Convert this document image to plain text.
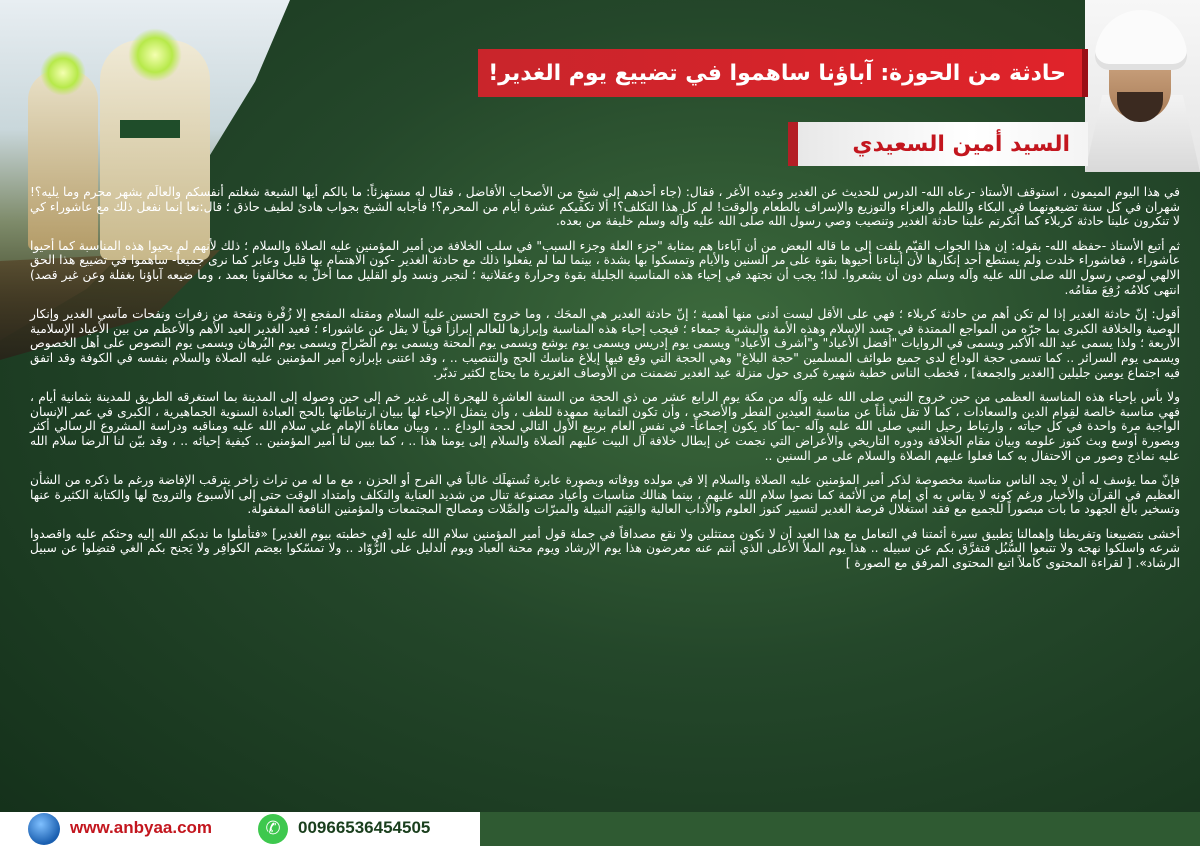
حادثة من الحوزة: آباؤنا ساهموا في تضييع يوم الغدير!
السيد أمين السعيدي

في هذا اليوم الميمون ، استوقف الأستاذ -رعاه الله- الدرس للحديث عن الغدير وعيده الأغر ، فقال: (جاء أحدهم إلى شيخٍ من الأصحاب الأفاضل ، فقال له مستهزئاً: ما بالكم أيها الشيعة شغلتم أنفسكم والعالَم بشهر محرم وما يليه؟! شهران في كل سنة تضيعونهما في البكاء واللطم والعزاء والتوزيع والإسراف بالطعام والوقت! لم كل هذا التكلف؟! ألا تكفيكم عشرة أيام من المحرم؟! فأجابه الشيخ بجواب هادئ لطيف حاذق ؛ قال:نعا إنما نفعل ذلك مع عاشوراء كي لا تنكرون علينا حادثة كربلاء كما أنكرتم علينا حادثة الغدير وتنصيب وصي رسول الله صلى الله عليه وآله وسلم خليفة من بعده.

ثم أتبع الأستاذ -حفظه الله- بقوله: إن هذا الجواب القيّم يلفت إلى ما قاله البعض من أن آباءنا هم بمثابة "جزء العلة وجزء السبب" في سلب الخلافة من أمير المؤمنين عليه الصلاة والسلام ؛ ذلك لأنهم لم يحيوا هذه المناسبة كما أحيوا عاشوراء ، فعاشوراء خلدت ولم يستطع أحد إنكارها لأن أبناءنا أحيوها بقوة على مر السنين والأيام وتمسكوا بها بشدة ، بينما لما لم يفعلوا ذلك مع حادثة الغدير -كون الاهتمام بها قليل وعابر كما نرى جميعاً- ساهموا في تضييع هذا الحق الالهي لوصي رسول الله صلى الله عليه وآله وسلم دون أن يشعروا. لذا؛ يجب أن نجتهد في إحياء هذه المناسبة الجليلة بقوة وحرارة وعقلانية ؛ لنجبر ونسد ولو القليل مما أخلّ به مخالفونا بعمد ، وما ضيعه آباؤنا بغفلة وعن غير قصد) انتهى كلامُه رُفِعَ مقامُه.

أقول: إنّ حادثة الغدير إذا لم تكن أهم من حادثة كربلاء ؛ فهي على الأقل ليست أدنى منها أهمية ؛ إنّ حادثة الغدير هي المحَك ، وما خروج الحسين عليه السلام ومقتله المفجع إلا زُفْرة ونفحة من زفرات ونفحات مآسي الغدير وإنكار الوصية والخلافة الكبرى بما جرّه من المواجع الممتدة في جسد الإسلام وهذه الأمة والبشرية جمعاء ؛ فيجب إحياء هذه المناسبة وإبرازها للعالم إبرازاً قوياً لا يقل عن عاشوراء ؛ فعيد الغدير العيد الأهم والأعظم من بين الأعياد الإسلامية الأربعة ؛ ولذا يسمى عيد الله الأكبر ويسمى في الروايات "أفضل الأعياد" و"أشرف الأعياد" ويسمى يوم إدريس ويسمى يوم يوشع ويسمى يوم المحنة ويسمى يوم الصّراح ويسمى يوم البُرهان ويسمى يوم النصوص على أهل الخصوص ويسمى يوم السرائر .. كما تسمى حجة الوداع لدى جميع طوائف المسلمين "حجة البلاغ" وهي الحجة التي وقع فيها إبلاغ مناسك الحج والتنصيب .. ، وقد اعتنى بإبرازه أمير المؤمنين عليه الصلاة والسلام بنفسه في الكوفة وقد اتفق فيه اجتماع يومين جليلين [الغدير والجمعة] ، فخطب الناس خطبة شهيرة كبرى حول منزلة عيد الغدير تضمنت من الأوصاف الغزيرة ما يحتاج لكثير تدبّر.

ولا بأس بإحياء هذه المناسبة العظمى من حين خروج النبي صلى الله عليه وآله من مكة يوم الرابع عشر من ذي الحجة من السنة العاشرة للهجرة إلى غدير خم إلى حين وصوله إلى المدينة بما استغرقه الطريق للمدينة بثمانية أيام ، فهي مناسبة خالصة لقِوام الدين والسعادات ، كما لا تقل شأناً عن مناسبة العيدين الفطر والأضحى ، وأن تكون الثمانية ممهدة للطف ، وأن يتمثل الإحياء لها ببيان ارتباطاتها بالحج العبادة السنوية الجماهيرية ، الكبرى في عمر الإنسان الواجبة مرة واحدة في كل حياته ، وارتباط رحيل النبي صلى الله عليه وآله -بما كاد يكون إجماعاً- في نفس العام بربيع الأول التالي لحجة الوداع .. ، وبيان معاناة الإمام علي سلام الله عليه ومناقبه ودراسة المشروع الرسالي أكثر وبصورة أوسع وبث كنوز علومه وبيان مقام الخلافة ودوره التاريخي والأعراض التي نجمت عن إبطال خلافة آل البيت عليهم الصلاة والسلام إلى يومنا هذا .. ، كما بيين لنا أمير المؤمنين .. كيفية إحيائه .. ، وقد بيّن لنا الرضا سلام الله عليه نماذج وصور من الاحتفال به كما فعلوا عليهم الصلاة والسلام على مر السنين ..

فإنّ مما يؤسف له أن لا يجد الناس مناسبة مخصوصة لذكر أمير المؤمنين عليه الصلاة والسلام إلا في مولده ووفاته وبصورة عابرة تُستهلَك غالباً في الفرح أو الحزن ، مع ما له من تراث زاخر يترقب الإفاضة ورغم ما ذكره من الشأن العظيم في القرآن والأخبار ورغم كونه لا يقاس به أي إمام من الأئمة كما نصوا سلام الله عليهم ، بينما هنالك مناسبات وأعياد مصنوعة تنال من شديد العناية والتكلف وامتداد الوقت حتى إلى الأسبوع والترويج لها والكتابة الكثيرة عنها وتسخير بالغ الجهود ما بات مبصوراً للجميع مع فقد استغلال فرصة الغدير لتسيير كنوز العلوم والآداب العالية والقِيَم النبيلة والمبرّات والصِّلات ومصالح المجتمعات والمؤمنين النافعة المغفولة.

أخشى بتضييعنا وتفريطنا وإهمالنا تطبيق سيرة أئمتنا في التعامل مع هذا العيد أن لا نكون ممتثلين ولا نقع مصداقاً في جملة قول أمير المؤمنين سلام الله عليه [في خطبته بيوم الغدير] «فتأملوا ما ندبكم الله إليه وحثكم عليه واقصدوا شرعه واسلكوا نهجه ولا تتبعوا السُّبُل فتفرَّق بكم عن سبيله .. هذا يوم الملأ الأعلى الذي أنتم عنه معرضون هذا يوم الإرشاد ويوم محنة العباد ويوم الدليل على الرُّوّاد .. ولا تمسّكوا بعِصَم الكوافِر ولا يَجنح بكم الغي فتضِلوا عن سبيل الرشاد». [ لقراءة المحتوى كاملاً اتبع المحتوى المرفق مع الصورة ]

www.anbyaa.com	✆	00966536454505
